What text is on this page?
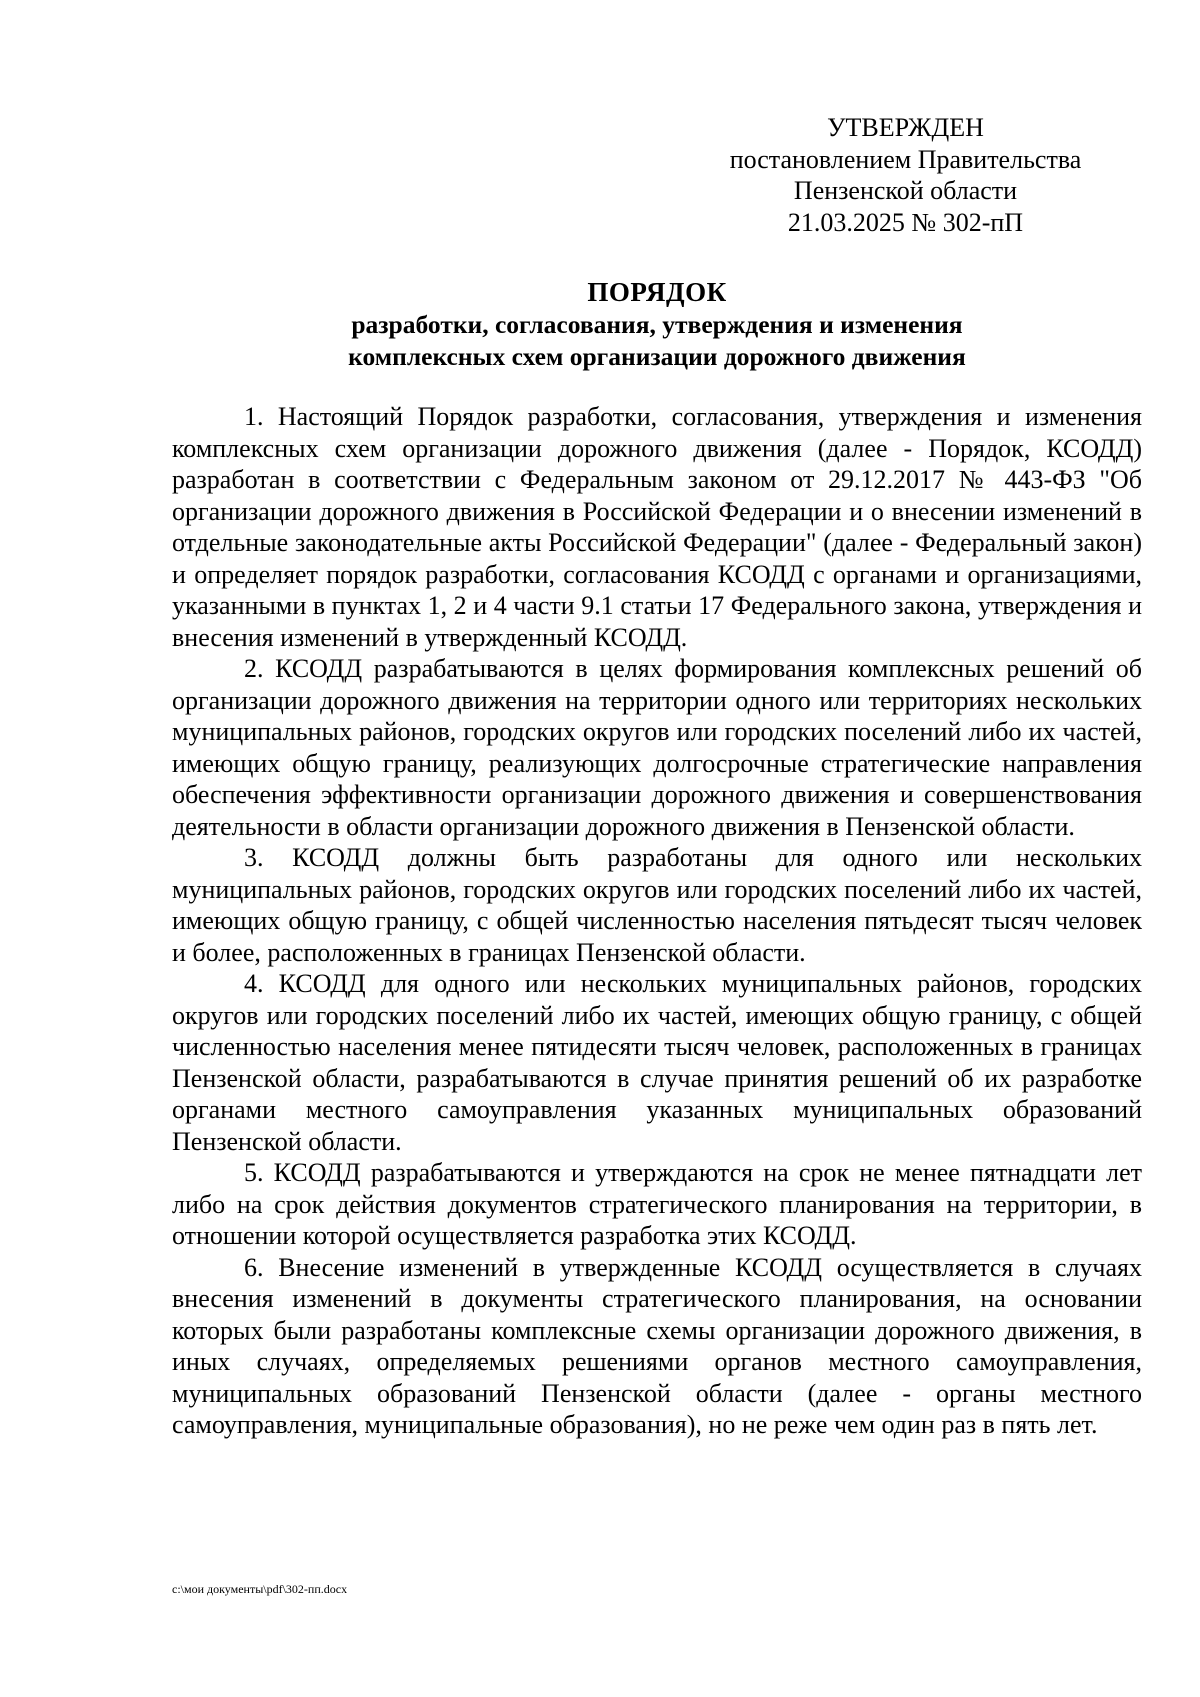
УТВЕРЖДЕН
постановлением Правительства
Пензенской области
21.03.2025 № 302-пП
ПОРЯДОК
разработки, согласования, утверждения и изменения
комплексных схем организации дорожного движения

1. Настоящий Порядок разработки, согласования, утверждения и изменения комплексных схем организации дорожного движения (далее - Порядок, КСОДД) разработан в соответствии с Федеральным законом от 29.12.2017 № 443-ФЗ "Об организации дорожного движения в Российской Федерации и о внесении изменений в отдельные законодательные акты Российской Федерации" (далее - Федеральный закон) и определяет порядок разработки, согласования КСОДД с органами и организациями, указанными в пунктах 1, 2 и 4 части 9.1 статьи 17 Федерального закона, утверждения и внесения изменений в утвержденный КСОДД.

2. КСОДД разрабатываются в целях формирования комплексных решений об организации дорожного движения на территории одного или территориях нескольких муниципальных районов, городских округов или городских поселений либо их частей, имеющих общую границу, реализующих долгосрочные стратегические направления обеспечения эффективности организации дорожного движения и совершенствования деятельности в области организации дорожного движения в Пензенской области.

3. КСОДД должны быть разработаны для одного или нескольких муниципальных районов, городских округов или городских поселений либо их частей, имеющих общую границу, с общей численностью населения пятьдесят тысяч человек и более, расположенных в границах Пензенской области.

4. КСОДД для одного или нескольких муниципальных районов, городских округов или городских поселений либо их частей, имеющих общую границу, с общей численностью населения менее пятидесяти тысяч человек, расположенных в границах Пензенской области, разрабатываются в случае принятия решений об их разработке органами местного самоуправления указанных муниципальных образований Пензенской области.

5. КСОДД разрабатываются и утверждаются на срок не менее пятнадцати лет либо на срок действия документов стратегического планирования на территории, в отношении которой осуществляется разработка этих КСОДД.

6. Внесение изменений в утвержденные КСОДД осуществляется в случаях внесения изменений в документы стратегического планирования, на основании которых были разработаны комплексные схемы организации дорожного движения, в иных случаях, определяемых решениями органов местного самоуправления, муниципальных образований Пензенской области (далее - органы местного самоуправления, муниципальные образования), но не реже чем один раз в пять лет.

c:\мои документы\pdf\302-пп.docx
